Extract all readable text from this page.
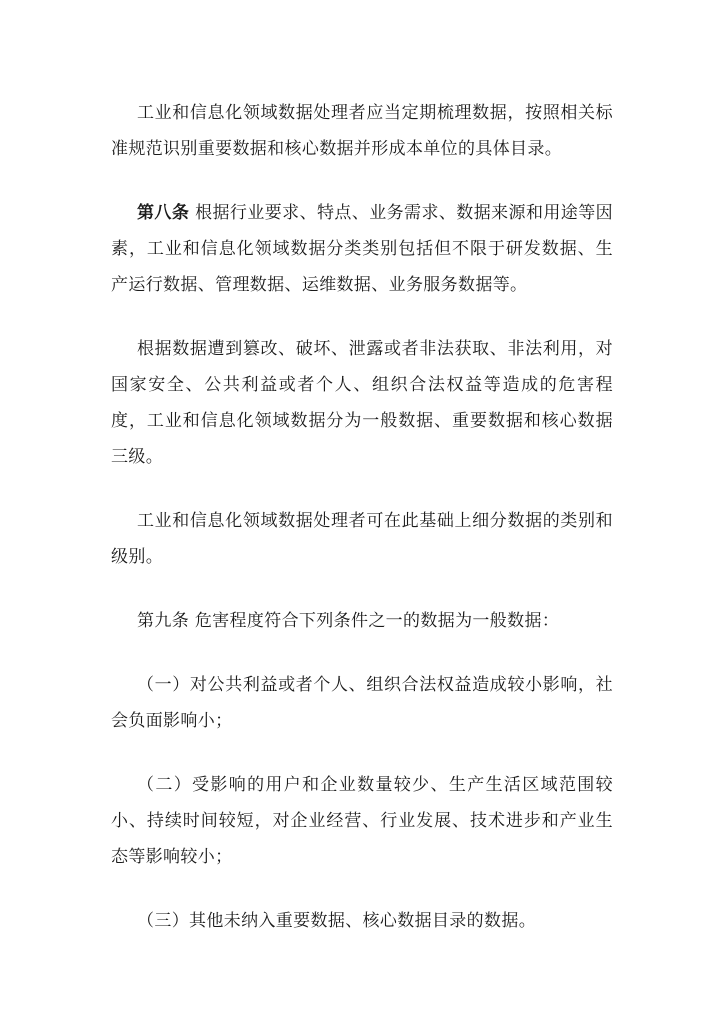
工业和信息化领域数据处理者应当定期梳理数据，按照相关标准规范识别重要数据和核心数据并形成本单位的具体目录。

第八条 根据行业要求、特点、业务需求、数据来源和用途等因素，工业和信息化领域数据分类类别包括但不限于研发数据、生产运行数据、管理数据、运维数据、业务服务数据等。

根据数据遭到篡改、破坏、泄露或者非法获取、非法利用，对国家安全、公共利益或者个人、组织合法权益等造成的危害程度，工业和信息化领域数据分为一般数据、重要数据和核心数据三级。

工业和信息化领域数据处理者可在此基础上细分数据的类别和级别。

第九条 危害程度符合下列条件之一的数据为一般数据：

（一）对公共利益或者个人、组织合法权益造成较小影响，社会负面影响小；

（二）受影响的用户和企业数量较少、生产生活区域范围较小、持续时间较短，对企业经营、行业发展、技术进步和产业生态等影响较小；

（三）其他未纳入重要数据、核心数据目录的数据。
